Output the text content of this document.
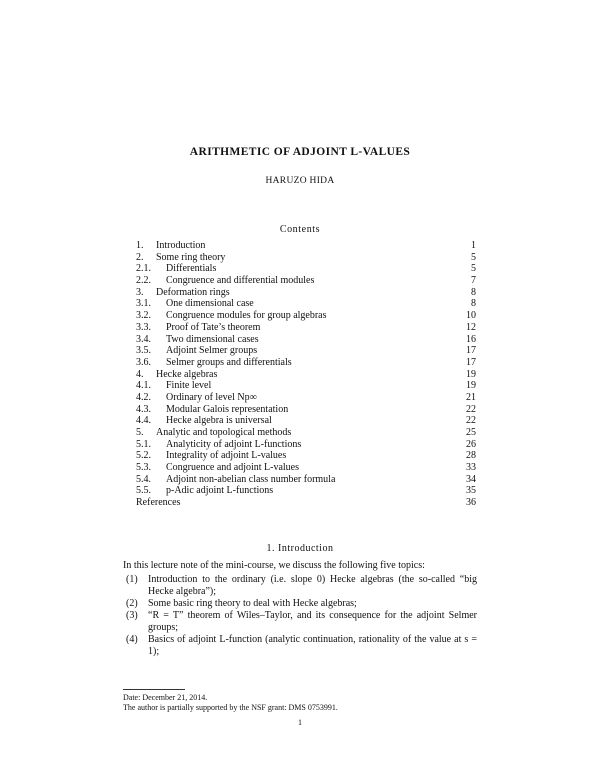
ARITHMETIC OF ADJOINT L-VALUES
HARUZO HIDA
Contents
1. Introduction	1
2. Some ring theory	5
2.1. Differentials	5
2.2. Congruence and differential modules	7
3. Deformation rings	8
3.1. One dimensional case	8
3.2. Congruence modules for group algebras	10
3.3. Proof of Tate’s theorem	12
3.4. Two dimensional cases	16
3.5. Adjoint Selmer groups	17
3.6. Selmer groups and differentials	17
4. Hecke algebras	19
4.1. Finite level	19
4.2. Ordinary of level Np∞	21
4.3. Modular Galois representation	22
4.4. Hecke algebra is universal	22
5. Analytic and topological methods	25
5.1. Analyticity of adjoint L-functions	26
5.2. Integrality of adjoint L-values	28
5.3. Congruence and adjoint L-values	33
5.4. Adjoint non-abelian class number formula	34
5.5. p-Adic adjoint L-functions	35
References	36
1. Introduction

In this lecture note of the mini-course, we discuss the following five topics:

(1)	Introduction to the ordinary (i.e. slope 0) Hecke algebras (the so-called “big Hecke algebra”);
(2)	Some basic ring theory to deal with Hecke algebras;
(3)	“R = T” theorem of Wiles–Taylor, and its consequence for the adjoint Selmer groups;
(4)	Basics of adjoint L-function (analytic continuation, rationality of the value at s = 1);
Date: December 21, 2014.
The author is partially supported by the NSF grant: DMS 0753991.
1
